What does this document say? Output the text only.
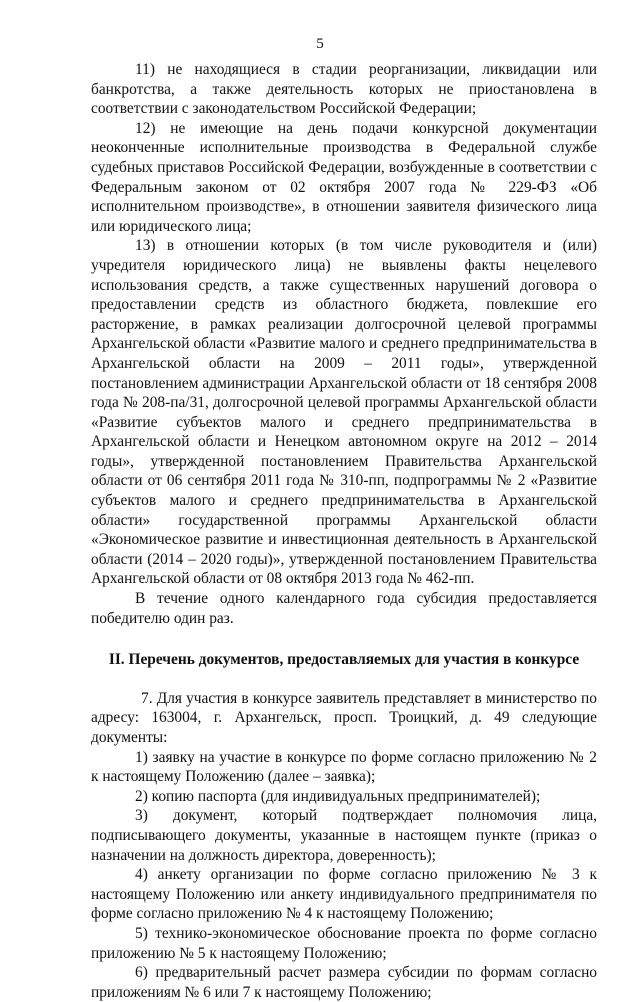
5

11) не находящиеся в стадии реорганизации, ликвидации или банкротства, а также деятельность которых не приостановлена в соответствии с законодательством Российской Федерации;

12) не имеющие на день подачи конкурсной документации неоконченные исполнительные производства в Федеральной службе судебных приставов Российской Федерации, возбужденные в соответствии с Федеральным законом от 02 октября 2007 года № 229-ФЗ «Об исполнительном производстве», в отношении заявителя физического лица или юридического лица;

13) в отношении которых (в том числе руководителя и (или) учредителя юридического лица) не выявлены факты нецелевого использования средств, а также существенных нарушений договора о предоставлении средств из областного бюджета, повлекшие его расторжение, в рамках реализации долгосрочной целевой программы Архангельской области «Развитие малого и среднего предпринимательства в Архангельской области на 2009 – 2011 годы», утвержденной постановлением администрации Архангельской области от 18 сентября 2008 года № 208-па/31, долгосрочной целевой программы Архангельской области «Развитие субъектов малого и среднего предпринимательства в Архангельской области и Ненецком автономном округе на 2012 – 2014 годы», утвержденной постановлением Правительства Архангельской области от 06 сентября 2011 года № 310-пп, подпрограммы № 2 «Развитие субъектов малого и среднего предпринимательства в Архангельской области» государственной программы Архангельской области «Экономическое развитие и инвестиционная деятельность в Архангельской области (2014 – 2020 годы)», утвержденной постановлением Правительства Архангельской области от 08 октября 2013 года № 462-пп.

В течение одного календарного года субсидия предоставляется победителю один раз.

II. Перечень документов, предоставляемых для участия в конкурсе

7. Для участия в конкурсе заявитель представляет в министерство по адресу: 163004, г. Архангельск, просп. Троицкий, д. 49 следующие документы:

1) заявку на участие в конкурсе по форме согласно приложению № 2 к настоящему Положению (далее – заявка);

2) копию паспорта (для индивидуальных предпринимателей);

3) документ, который подтверждает полномочия лица, подписывающего документы, указанные в настоящем пункте (приказ о назначении на должность директора, доверенность);

4) анкету организации по форме согласно приложению № 3 к настоящему Положению или анкету индивидуального предпринимателя по форме согласно приложению № 4 к настоящему Положению;

5) технико-экономическое обоснование проекта по форме согласно приложению № 5 к настоящему Положению;

6) предварительный расчет размера субсидии по формам согласно приложениям № 6 или 7 к настоящему Положению;
